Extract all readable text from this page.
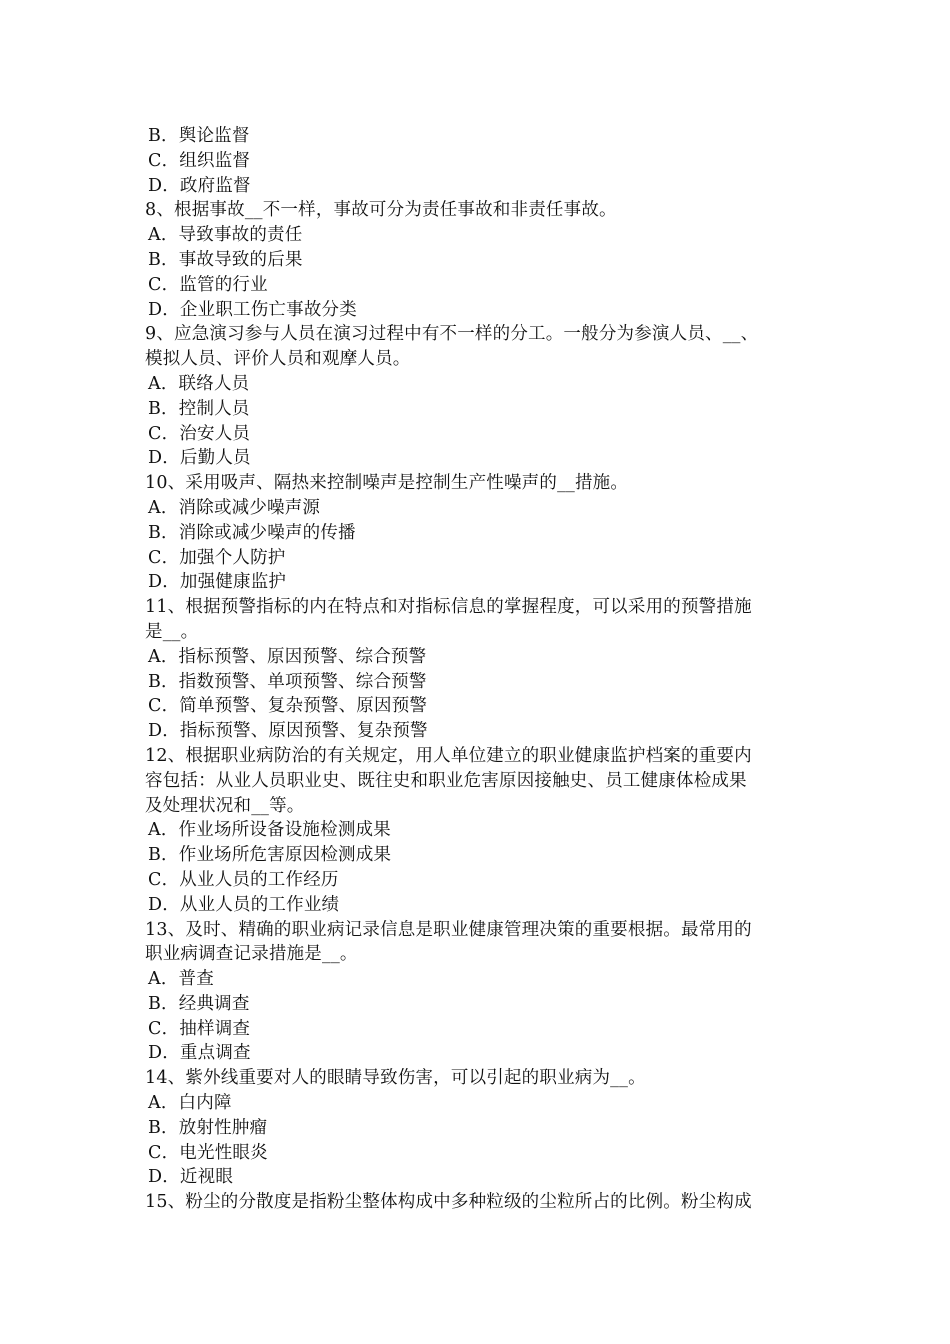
B．舆论监督
C．组织监督
D．政府监督
8、根据事故__不一样，事故可分为责任事故和非责任事故。
A．导致事故的责任
B．事故导致的后果
C．监管的行业
D．企业职工伤亡事故分类
9、应急演习参与人员在演习过程中有不一样的分工。一般分为参演人员、__、
模拟人员、评价人员和观摩人员。
A．联络人员
B．控制人员
C．治安人员
D．后勤人员
10、采用吸声、隔热来控制噪声是控制生产性噪声的__措施。
A．消除或减少噪声源
B．消除或减少噪声的传播
C．加强个人防护
D．加强健康监护
11、根据预警指标的内在特点和对指标信息的掌握程度，可以采用的预警措施
是__。
A．指标预警、原因预警、综合预警
B．指数预警、单项预警、综合预警
C．简单预警、复杂预警、原因预警
D．指标预警、原因预警、复杂预警
12、根据职业病防治的有关规定，用人单位建立的职业健康监护档案的重要内
容包括：从业人员职业史、既往史和职业危害原因接触史、员工健康体检成果
及处理状况和__等。
A．作业场所设备设施检测成果
B．作业场所危害原因检测成果
C．从业人员的工作经历
D．从业人员的工作业绩
13、及时、精确的职业病记录信息是职业健康管理决策的重要根据。最常用的
职业病调查记录措施是__。
A．普查
B．经典调查
C．抽样调查
D．重点调查
14、紫外线重要对人的眼睛导致伤害，可以引起的职业病为__。
A．白内障
B．放射性肿瘤
C．电光性眼炎
D．近视眼
15、粉尘的分散度是指粉尘整体构成中多种粒级的尘粒所占的比例。粉尘构成
